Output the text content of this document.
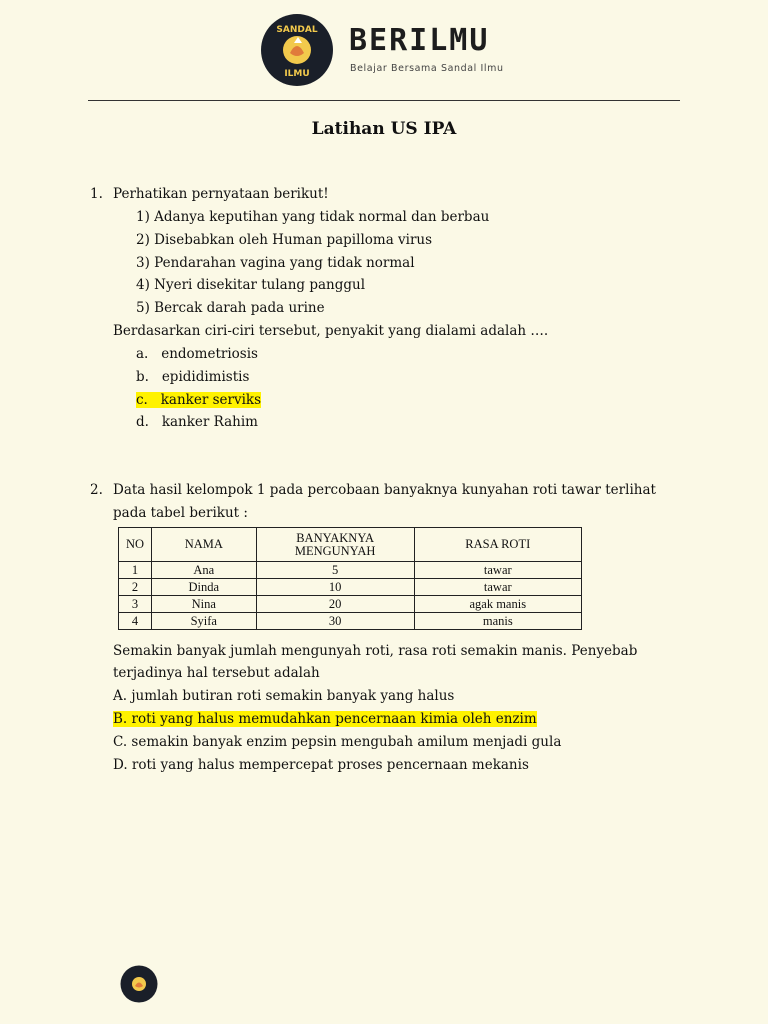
SANDAL
ILMU
BERILMU
Belajar Bersama Sandal Ilmu
Latihan US IPA
1. Perhatikan pernyataan berikut!
1) Adanya keputihan yang tidak normal dan berbau
2) Disebabkan oleh Human papilloma virus
3) Pendarahan vagina yang tidak normal
4) Nyeri disekitar tulang panggul
5) Bercak darah pada urine
Berdasarkan ciri-ciri tersebut, penyakit yang dialami adalah ….
a. endometriosis
b. epididimistis
c. kanker serviks
d. kanker Rahim
2. Data hasil kelompok 1 pada percobaan banyaknya kunyahan roti tawar terlihat
pada tabel berikut :
NO	NAMA	BANYAKNYA MENGUNYAH	RASA ROTI
1	Ana	5	tawar
2	Dinda	10	tawar
3	Nina	20	agak manis
4	Syifa	30	manis
Semakin banyak jumlah mengunyah roti, rasa roti semakin manis. Penyebab
terjadinya hal tersebut adalah
A. jumlah butiran roti semakin banyak yang halus
B. roti yang halus memudahkan pencernaan kimia oleh enzim
C. semakin banyak enzim pepsin mengubah amilum menjadi gula
D. roti yang halus mempercepat proses pencernaan mekanis
